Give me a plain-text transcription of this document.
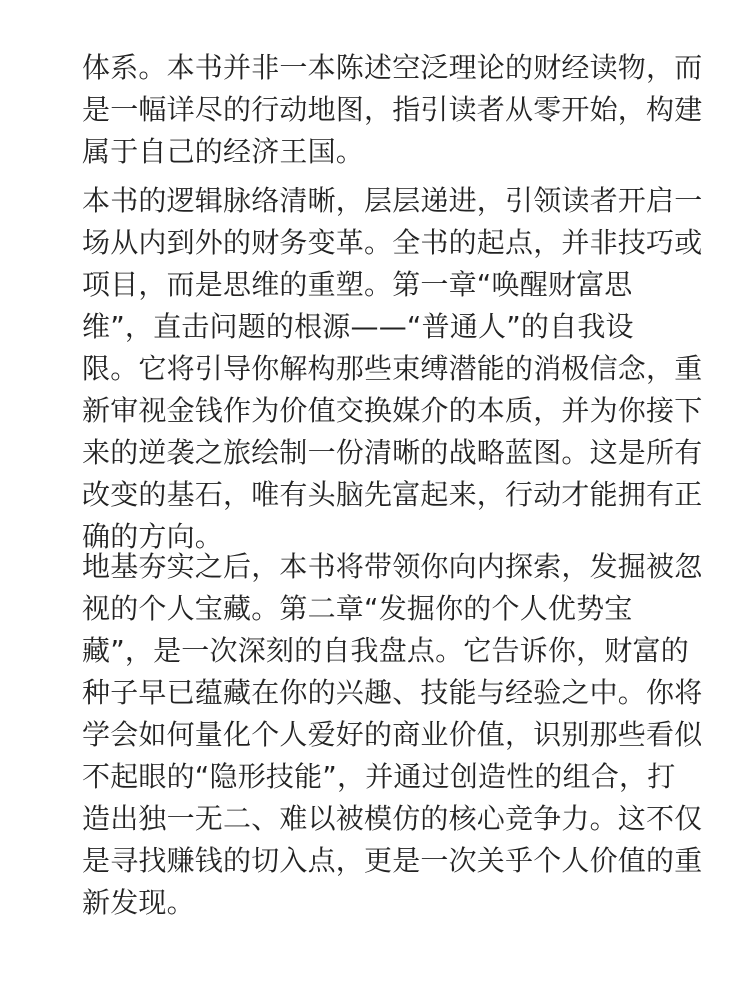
体系。本书并非一本陈述空泛理论的财经读物，而
是一幅详尽的行动地图，指引读者从零开始，构建
属于自己的经济王国。
本书的逻辑脉络清晰，层层递进，引领读者开启一
场从内到外的财务变革。全书的起点，并非技巧或
项目，而是思维的重塑。第一章“唤醒财富思
维”，直击问题的根源——“普通人”的自我设
限。它将引导你解构那些束缚潜能的消极信念，重
新审视金钱作为价值交换媒介的本质，并为你接下
来的逆袭之旅绘制一份清晰的战略蓝图。这是所有
改变的基石，唯有头脑先富起来，行动才能拥有正
确的方向。
地基夯实之后，本书将带领你向内探索，发掘被忽
视的个人宝藏。第二章“发掘你的个人优势宝
藏”，是一次深刻的自我盘点。它告诉你，财富的
种子早已蕴藏在你的兴趣、技能与经验之中。你将
学会如何量化个人爱好的商业价值，识别那些看似
不起眼的“隐形技能”，并通过创造性的组合，打
造出独一无二、难以被模仿的核心竞争力。这不仅
是寻找赚钱的切入点，更是一次关乎个人价值的重
新发现。
